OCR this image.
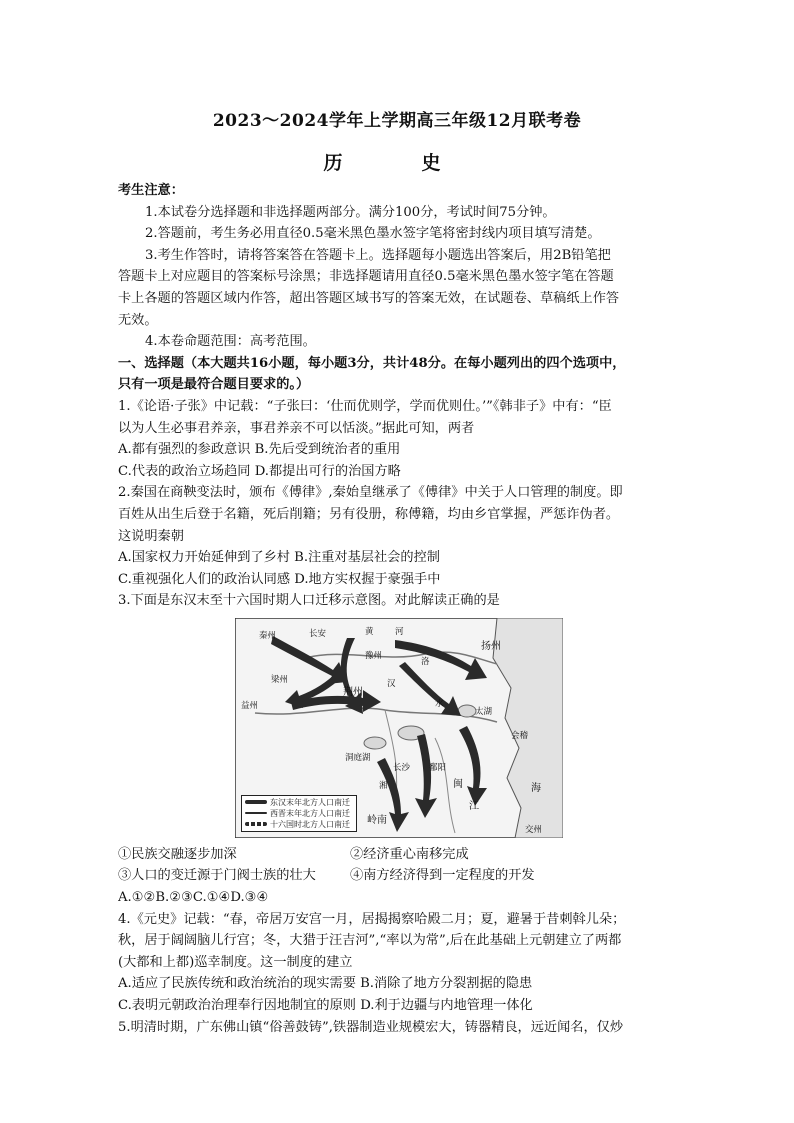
2023～2024学年上学期高三年级12月联考卷
历　史
考生注意：
1.本试卷分选择题和非选择题两部分。满分100分，考试时间75分钟。
2.答题前，考生务必用直径0.5毫米黑色墨水签字笔将密封线内项目填写清楚。
3.考生作答时，请将答案答在答题卡上。选择题每小题选出答案后，用2B铅笔把
答题卡上对应题目的答案标号涂黑；非选择题请用直径0.5毫米黑色墨水签字笔在答题
卡上各题的答题区域内作答，超出答题区域书写的答案无效，在试题卷、草稿纸上作答
无效。
4.本卷命题范围：高考范围。
一、选择题（本大题共16小题，每小题3分，共计48分。在每小题列出的四个选项中，
只有一项是最符合题目要求的。）
1.《论语·子张》中记载：“子张曰：‘仕而优则学，学而优则仕。’”《韩非子》中有：“臣
以为人生必事君养亲，事君养亲不可以恬淡。”据此可知，两者
A.都有强烈的参政意识 B.先后受到统治者的重用
C.代表的政治立场趋同 D.都提出可行的治国方略
2.秦国在商鞅变法时，颁布《傅律》,秦始皇继承了《傅律》中关于人口管理的制度。即
百姓从出生后登于名籍，死后削籍；另有役册，称傅籍，均由乡官掌握，严惩诈伪者。
这说明秦朝
A.国家权力开始延伸到了乡村 B.注重对基层社会的控制
C.重视强化人们的政治认同感 D.地方实权握于豪强手中
3.下面是东汉末至十六国时期人口迁移示意图。对此解读正确的是
秦州	长安	黄	河
豫州
洛
扬州
梁州
荆州
益州	水
太湖
会稽
汉
长沙 鄱阳
闽
湘
江
岭南
海
交州
洞庭湖
东汉末年北方人口南迁
西晋末年北方人口南迁
十六国时北方人口南迁
①民族交融逐步加深	②经济重心南移完成
③人口的变迁源于门阀士族的壮大	④南方经济得到一定程度的开发
A.①②B.②③C.①④D.③④
4.《元史》记载：“春，帝居万安宫一月，居揭揭察哈殿二月；夏，避暑于昔刺斡儿朵；
秋，居于阔阔脑儿行宫；冬，大猎于汪吉河”,“率以为常”,后在此基础上元朝建立了两都
(大都和上都)巡幸制度。这一制度的建立
A.适应了民族传统和政治统治的现实需要 B.消除了地方分裂割据的隐患
C.表明元朝政治治理奉行因地制宜的原则 D.利于边疆与内地管理一体化
5.明清时期，广东佛山镇“俗善鼓铸”,铁器制造业规模宏大，铸器精良，远近闻名，仅炒
